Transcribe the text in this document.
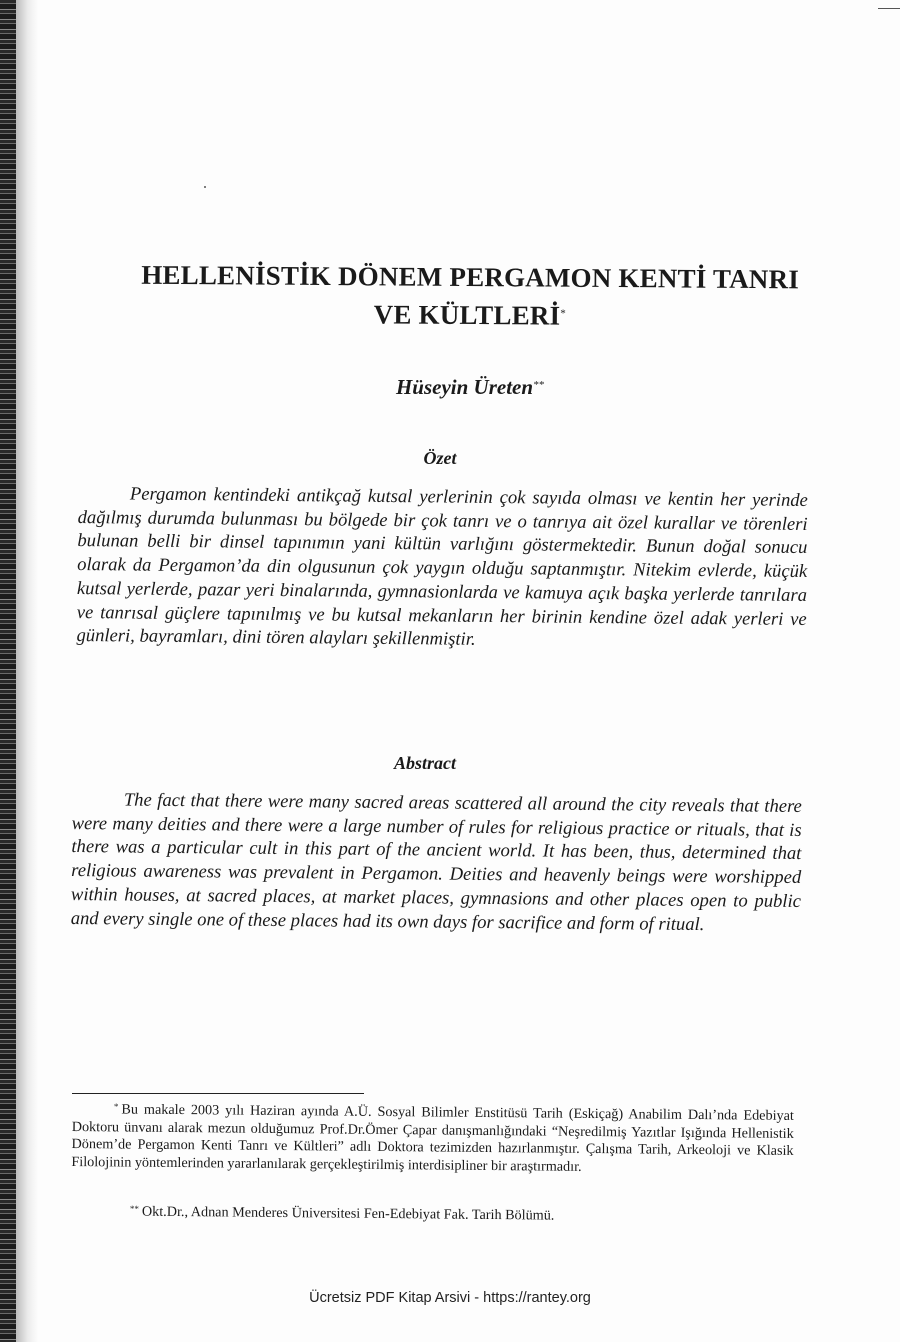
HELLENİSTİK DÖNEM PERGAMON KENTİ TANRI
VE KÜLTLERİ*
Hüseyin Üreten**
Özet

Pergamon kentindeki antikçağ kutsal yerlerinin çok sayıda olması ve kentin her yerinde dağılmış durumda bulunması bu bölgede bir çok tanrı ve o tanrıya ait özel kurallar ve törenleri bulunan belli bir dinsel tapınımın yani kültün varlığını göstermektedir. Bunun doğal sonucu olarak da Pergamon’da din olgusunun çok yaygın olduğu saptanmıştır. Nitekim evlerde, küçük kutsal yerlerde, pazar yeri binalarında, gymnasionlarda ve kamuya açık başka yerlerde tanrılara ve tanrısal güçlere tapınılmış ve bu kutsal mekanların her birinin kendine özel adak yerleri ve günleri, bayramları, dini tören alayları şekillenmiştir.

Abstract

The fact that there were many sacred areas scattered all around the city reveals that there were many deities and there were a large number of rules for religious practice or rituals, that is there was a particular cult in this part of the ancient world. It has been, thus, determined that religious awareness was prevalent in Pergamon. Deities and heavenly beings were worshipped within houses, at sacred places, at market places, gymnasions and other places open to public and every single one of these places had its own days for sacrifice and form of ritual.

* Bu makale 2003 yılı Haziran ayında A.Ü. Sosyal Bilimler Enstitüsü Tarih (Eskiçağ) Anabilim Dalı’nda Edebiyat Doktoru ünvanı alarak mezun olduğumuz Prof.Dr.Ömer Çapar danışmanlığındaki “Neşredilmiş Yazıtlar Işığında Hellenistik Dönem’de Pergamon Kenti Tanrı ve Kültleri” adlı Doktora tezimizden hazırlanmıştır. Çalışma Tarih, Arkeoloji ve Klasik Filolojinin yöntemlerinden yararlanılarak gerçekleştirilmiş interdisipliner bir araştırmadır.

** Okt.Dr., Adnan Menderes Üniversitesi Fen-Edebiyat Fak. Tarih Bölümü.

Ücretsiz PDF Kitap Arsivi - https://rantey.org
